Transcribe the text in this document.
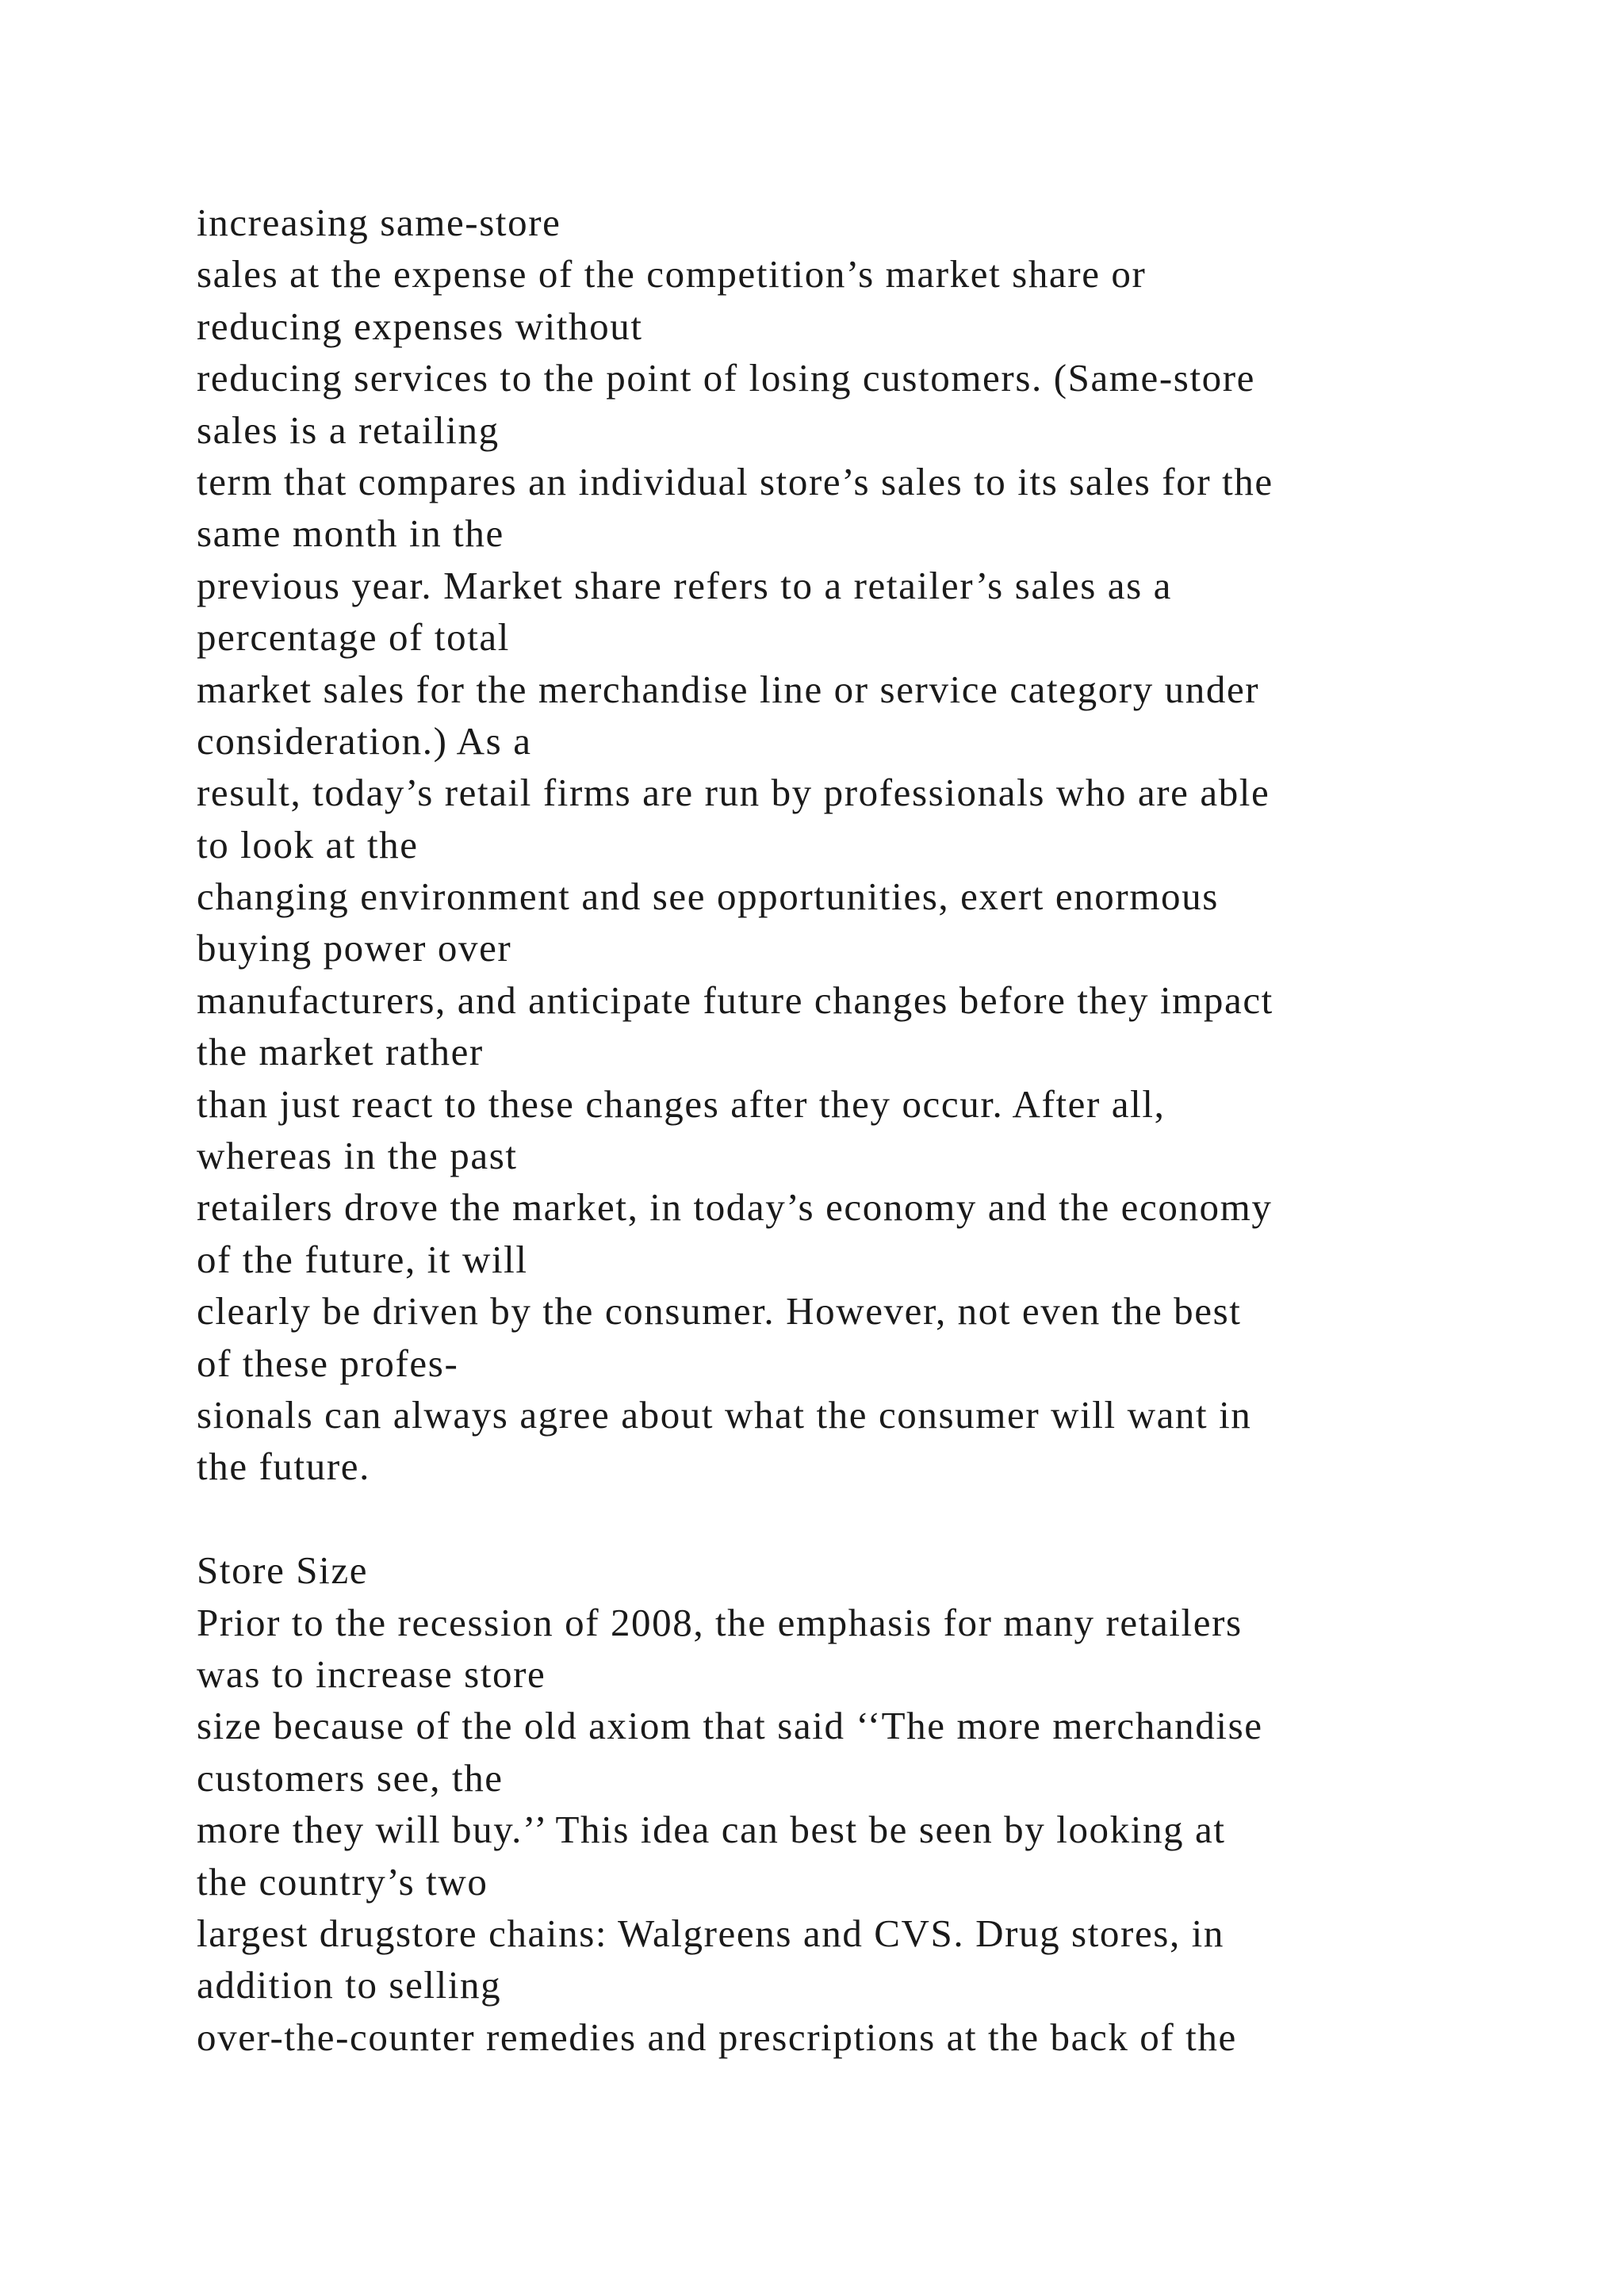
increasing same-store
sales at the expense of the competition’s market share or
reducing expenses without
reducing services to the point of losing customers. (Same-store
sales is a retailing
term that compares an individual store’s sales to its sales for the
same month in the
previous year. Market share refers to a retailer’s sales as a
percentage of total
market sales for the merchandise line or service category under
consideration.) As a
result, today’s retail firms are run by professionals who are able
to look at the
changing environment and see opportunities, exert enormous
buying power over
manufacturers, and anticipate future changes before they impact
the market rather
than just react to these changes after they occur. After all,
whereas in the past
retailers drove the market, in today’s economy and the economy
of the future, it will
clearly be driven by the consumer. However, not even the best
of these profes-
sionals can always agree about what the consumer will want in
the future.
Store Size
Prior to the recession of 2008, the emphasis for many retailers
was to increase store
size because of the old axiom that said ‘‘The more merchandise
customers see, the
more they will buy.’’ This idea can best be seen by looking at
the country’s two
largest drugstore chains: Walgreens and CVS. Drug stores, in
addition to selling
over-the-counter remedies and prescriptions at the back of the
